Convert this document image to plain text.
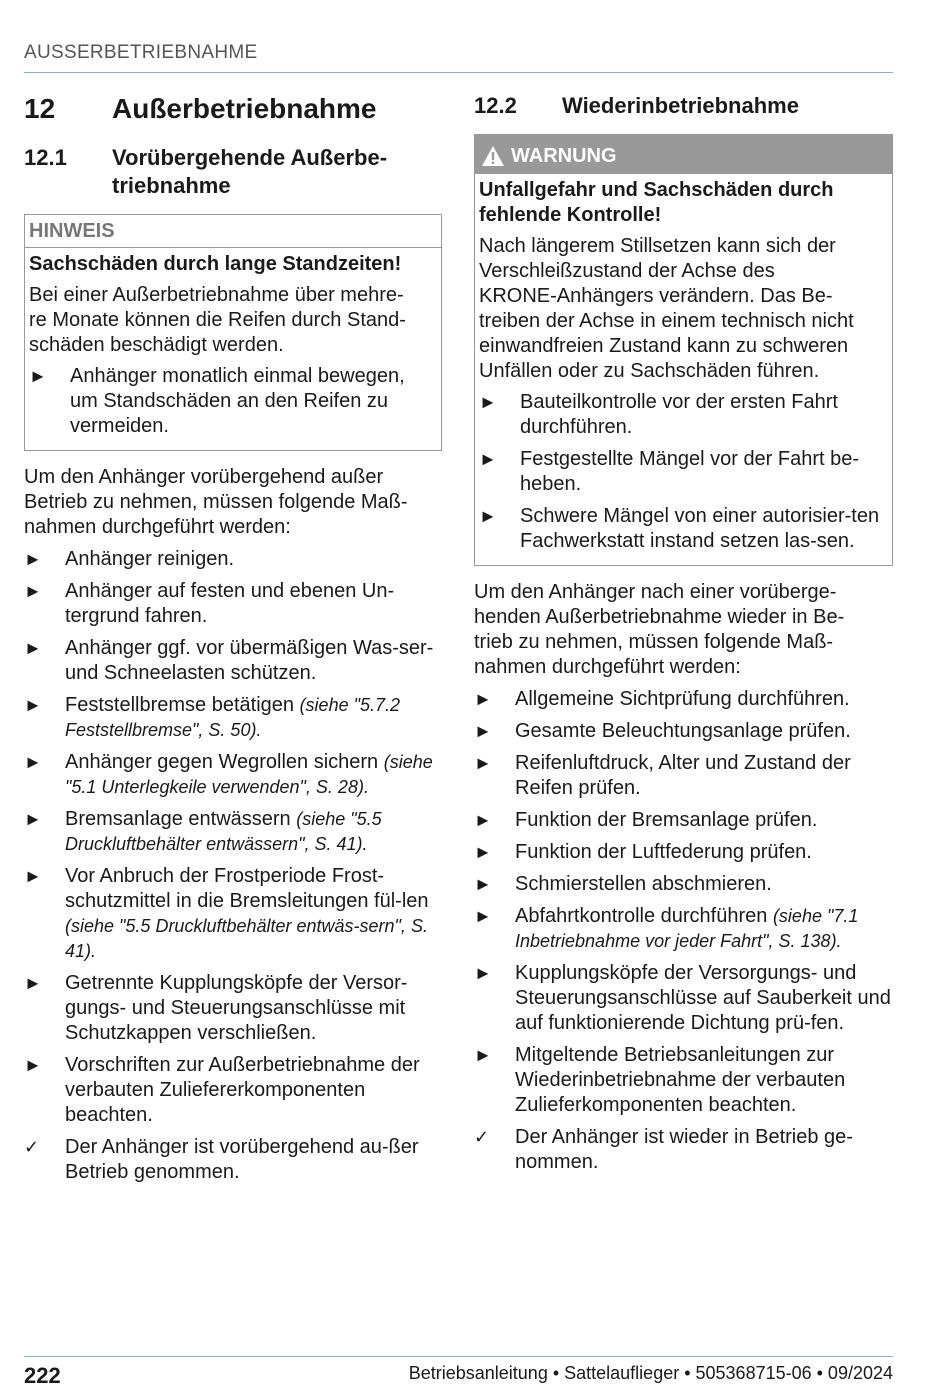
AUSSERBETRIEBNAHME
12	Außerbetriebnahme
12.1	Vorübergehende Außerbe-
triebnahme
HINWEIS

Sachschäden durch lange Standzeiten!

Bei einer Außerbetriebnahme über mehre-
re Monate können die Reifen durch Stand-
schäden beschädigt werden.

►	Anhänger monatlich einmal bewegen, um Standschäden an den Reifen zu vermeiden.

Um den Anhänger vorübergehend außer
Betrieb zu nehmen, müssen folgende Maß-
nahmen durchgeführt werden:

►	Anhänger reinigen.
►	Anhänger auf festen und ebenen Un-tergrund fahren.
►	Anhänger ggf. vor übermäßigen Was-ser- und Schneelasten schützen.
►	Feststellbremse betätigen (siehe "5.7.2 Feststellbremse", S. 50).
►	Anhänger gegen Wegrollen sichern (siehe "5.1 Unterlegkeile verwenden", S. 28).
►	Bremsanlage entwässern (siehe "5.5 Druckluftbehälter entwässern", S. 41).
►	Vor Anbruch der Frostperiode Frost-schutzmittel in die Bremsleitungen fül-len (siehe "5.5 Druckluftbehälter entwäs-sern", S. 41).
►	Getrennte Kupplungsköpfe der Versor-gungs- und Steuerungsanschlüsse mit Schutzkappen verschließen.
►	Vorschriften zur Außerbetriebnahme der verbauten Zuliefererkomponenten beachten.
✓	Der Anhänger ist vorübergehend au-ßer Betrieb genommen.
12.2	Wiederinbetriebnahme
WARNUNG

Unfallgefahr und Sachschäden durch
fehlende Kontrolle!

Nach längerem Stillsetzen kann sich der
Verschleißzustand der Achse des
KRONE-Anhängers verändern. Das Be-
treiben der Achse in einem technisch nicht
einwandfreien Zustand kann zu schweren
Unfällen oder zu Sachschäden führen.

►	Bauteilkontrolle vor der ersten Fahrt durchführen.
►	Festgestellte Mängel vor der Fahrt be-heben.
►	Schwere Mängel von einer autorisier-ten Fachwerkstatt instand setzen las-sen.

Um den Anhänger nach einer vorüberge-
henden Außerbetriebnahme wieder in Be-
trieb zu nehmen, müssen folgende Maß-
nahmen durchgeführt werden:

►	Allgemeine Sichtprüfung durchführen.
►	Gesamte Beleuchtungsanlage prüfen.
►	Reifenluftdruck, Alter und Zustand der Reifen prüfen.
►	Funktion der Bremsanlage prüfen.
►	Funktion der Luftfederung prüfen.
►	Schmierstellen abschmieren.
►	Abfahrtkontrolle durchführen (siehe "7.1 Inbetriebnahme vor jeder Fahrt", S. 138).
►	Kupplungsköpfe der Versorgungs- und Steuerungsanschlüsse auf Sauberkeit und auf funktionierende Dichtung prü-fen.
►	Mitgeltende Betriebsanleitungen zur Wiederinbetriebnahme der verbauten Zulieferkomponenten beachten.
✓	Der Anhänger ist wieder in Betrieb ge-nommen.
222	Betriebsanleitung • Sattelauflieger • 505368715-06 • 09/2024
